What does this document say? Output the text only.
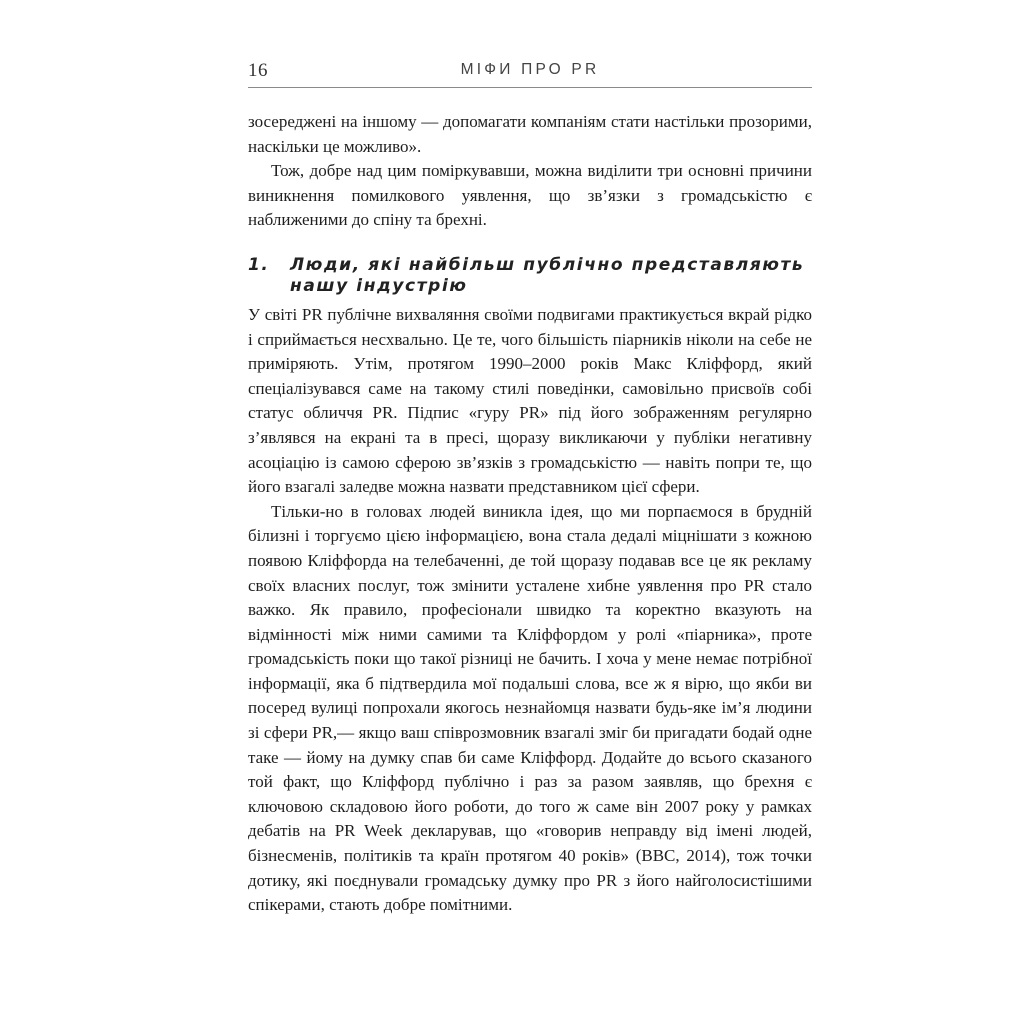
16	МІФИ ПРО PR

зосереджені на іншому — допомагати компаніям стати настільки прозорими, наскільки це можливо».

Тож, добре над цим поміркувавши, можна виділити три основні причини виникнення помилкового уявлення, що зв’язки з громадськістю є наближеними до спіну та брехні.

1.	Люди, які найбільш публічно представляють нашу індустрію

У світі PR публічне вихваляння своїми подвигами практикується вкрай рідко і сприймається несхвально. Це те, чого більшість піарників ніколи на себе не приміряють. Утім, протягом 1990–2000 років Макс Кліффорд, який спеціалізувався саме на такому стилі поведінки, самовільно присвоїв собі статус обличчя PR. Підпис «гуру PR» під його зображенням регулярно з’являвся на екрані та в пресі, щоразу викликаючи у публіки негативну асоціацію із самою сферою зв’язків з громадськістю — навіть попри те, що його взагалі заледве можна назвати представником цієї сфери.

Тільки-но в головах людей виникла ідея, що ми порпаємося в брудній білизні і торгуємо цією інформацією, вона стала дедалі міцнішати з кожною появою Кліффорда на телебаченні, де той щоразу подавав все це як рекламу своїх власних послуг, тож змінити усталене хибне уявлення про PR стало важко. Як правило, професіонали швидко та коректно вказують на відмінності між ними самими та Кліффордом у ролі «піарника», проте громадськість поки що такої різниці не бачить. І хоча у мене немає потрібної інформації, яка б підтвердила мої подальші слова, все ж я вірю, що якби ви посеред вулиці попрохали якогось незнайомця назвати будь-яке ім’я людини зі сфери PR,— якщо ваш співрозмовник взагалі зміг би пригадати бодай одне таке — йому на думку спав би саме Кліффорд. Додайте до всього сказаного той факт, що Кліффорд публічно і раз за разом заявляв, що брехня є ключовою складовою його роботи, до того ж саме він 2007 року у рамках дебатів на PR Week декларував, що «говорив неправду від імені людей, бізнесменів, політиків та країн протягом 40 років» (BBC, 2014), тож точки дотику, які поєднували громадську думку про PR з його найголосистішими спікерами, стають добре помітними.
